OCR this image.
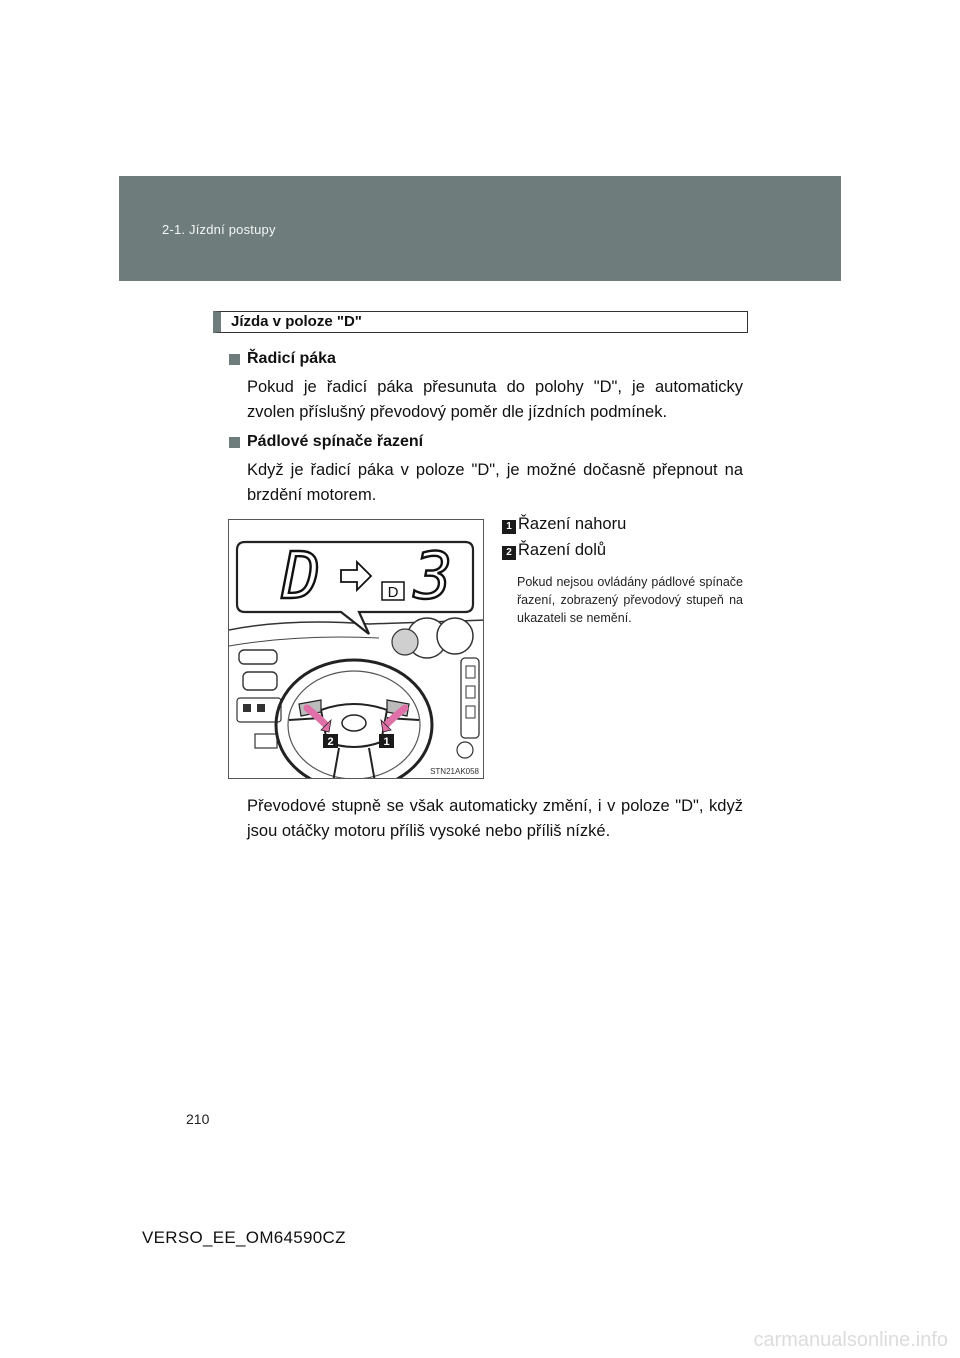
2-1. Jízdní postupy
Jízda v poloze "D"
Řadicí páka
Pokud je řadicí páka přesunuta do polohy "D", je automaticky zvolen příslušný převodový poměr dle jízdních podmínek.
Pádlové spínače řazení
Když je řadicí páka v poloze "D", je možné dočasně přepnout na brzdění motorem.
2	1
D	D 3
STN21AK058
1 Řazení nahoru
2 Řazení dolů
Pokud nejsou ovládány pádlové spínače řazení, zobrazený převodový stupeň na ukazateli se nemění.
Převodové stupně se však automaticky změní, i v poloze "D", když jsou otáčky motoru příliš vysoké nebo příliš nízké.
210
VERSO_EE_OM64590CZ
carmanualsonline.info
